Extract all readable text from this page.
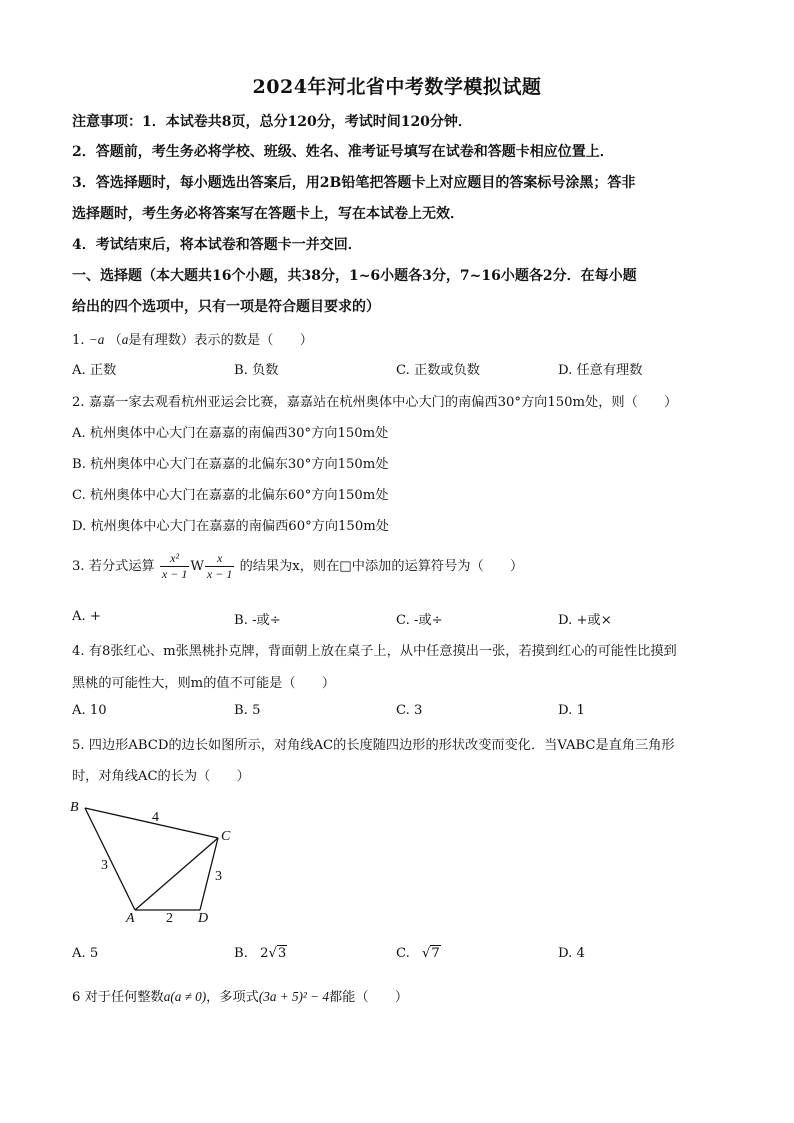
2024年河北省中考数学模拟试题
注意事项：1．本试卷共8页，总分120分，考试时间120分钟．
2．答题前，考生务必将学校、班级、姓名、准考证号填写在试卷和答题卡相应位置上．
3．答选择题时，每小题选出答案后，用2B铅笔把答题卡上对应题目的答案标号涂黑；答非
选择题时，考生务必将答案写在答题卡上，写在本试卷上无效．
4．考试结束后，将本试卷和答题卡一并交回．
一、选择题（本大题共16个小题，共38分，1~6小题各3分，7~16小题各2分．在每小题
给出的四个选项中，只有一项是符合题目要求的）
1. −a （a是有理数）表示的数是（　　）
A. 正数	B. 负数	C. 正数或负数	D. 任意有理数
2. 嘉嘉一家去观看杭州亚运会比赛，嘉嘉站在杭州奥体中心大门的南偏西30°方向150m处，则（　　）
A. 杭州奥体中心大门在嘉嘉的南偏西30°方向150m处
B. 杭州奥体中心大门在嘉嘉的北偏东30°方向150m处
C. 杭州奥体中心大门在嘉嘉的北偏东60°方向150m处
D. 杭州奥体中心大门在嘉嘉的南偏西60°方向150m处
3. 若分式运算 $\frac{\text{x²}}{x - 1}$ W $\frac{x}{x - 1}$ 的结果为x，则在□中添加的运算符号为（　　）
A. +	B. -或÷	C. -或÷	D. +或×
4. 有8张红心、m张黑桃扑克牌，背面朝上放在桌子上，从中任意摸出一张，若摸到红心的可能性比摸到
黑桃的可能性大，则m的值不可能是（　　）
A. 10	B. 5	C. 3	D. 1
5. 四边形ABCD的边长如图所示，对角线AC的长度随四边形的形状改变而变化．当VABC是直角三角形
时，对角线AC的长为（　　）
B
C
A	D
4
3
3
2
A. 5	B. 2√3	C. √7	D. 4
6 对于任何整数a(a ≠ 0)，多项式(3a + 5)² − 4都能（　　）
